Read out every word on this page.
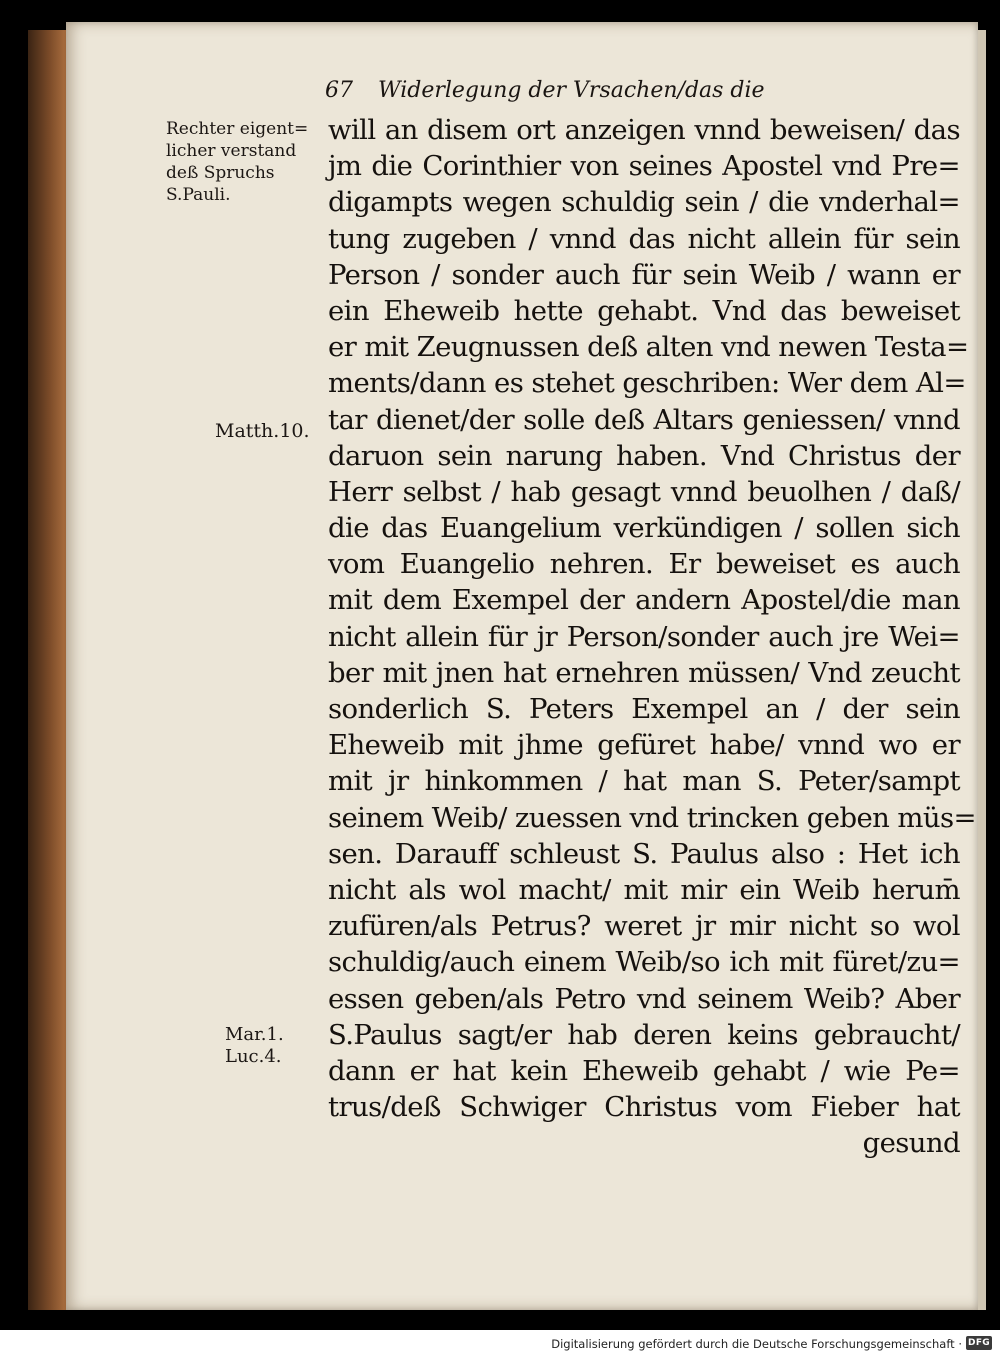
67 Widerlegung der Vrsachen/das die
Rechter eigent=
licher verstand
deß Spruchs
S.Pauli.
Matth.10.
Mar.1.
Luc.4.
will an disem ort anzeigen vnnd beweisen/ das
jm die Corinthier von seines Apostel vnd Pre=
digampts wegen schuldig sein / die vnderhal=
tung zugeben / vnnd das nicht allein für sein
Person / sonder auch für sein Weib / wann er
ein Eheweib hette gehabt. Vnd das beweiset
er mit Zeugnussen deß alten vnd newen Testa=
ments/dann es stehet geschriben: Wer dem Al=
tar dienet/der solle deß Altars geniessen/ vnnd
daruon sein narung haben. Vnd Christus der
Herr selbst / hab gesagt vnnd beuolhen / daß/
die das Euangelium verkündigen / sollen sich
vom Euangelio nehren. Er beweiset es auch
mit dem Exempel der andern Apostel/die man
nicht allein für jr Person/sonder auch jre Wei=
ber mit jnen hat ernehren müssen/ Vnd zeucht
sonderlich S. Peters Exempel an / der sein
Eheweib mit jhme gefüret habe/ vnnd wo er
mit jr hinkommen / hat man S. Peter/sampt
seinem Weib/ zuessen vnd trincken geben müs=
sen. Darauff schleust S. Paulus also : Het ich
nicht als wol macht/ mit mir ein Weib herum̄
zufüren/als Petrus? weret jr mir nicht so wol
schuldig/auch einem Weib/so ich mit füret/zu=
essen geben/als Petro vnd seinem Weib? Aber
S.Paulus sagt/er hab deren keins gebraucht/
dann er hat kein Eheweib gehabt / wie Pe=
trus/deß Schwiger Christus vom Fieber hat
gesund
Digitalisierung gefördert durch die Deutsche Forschungsgemeinschaft · DFG
